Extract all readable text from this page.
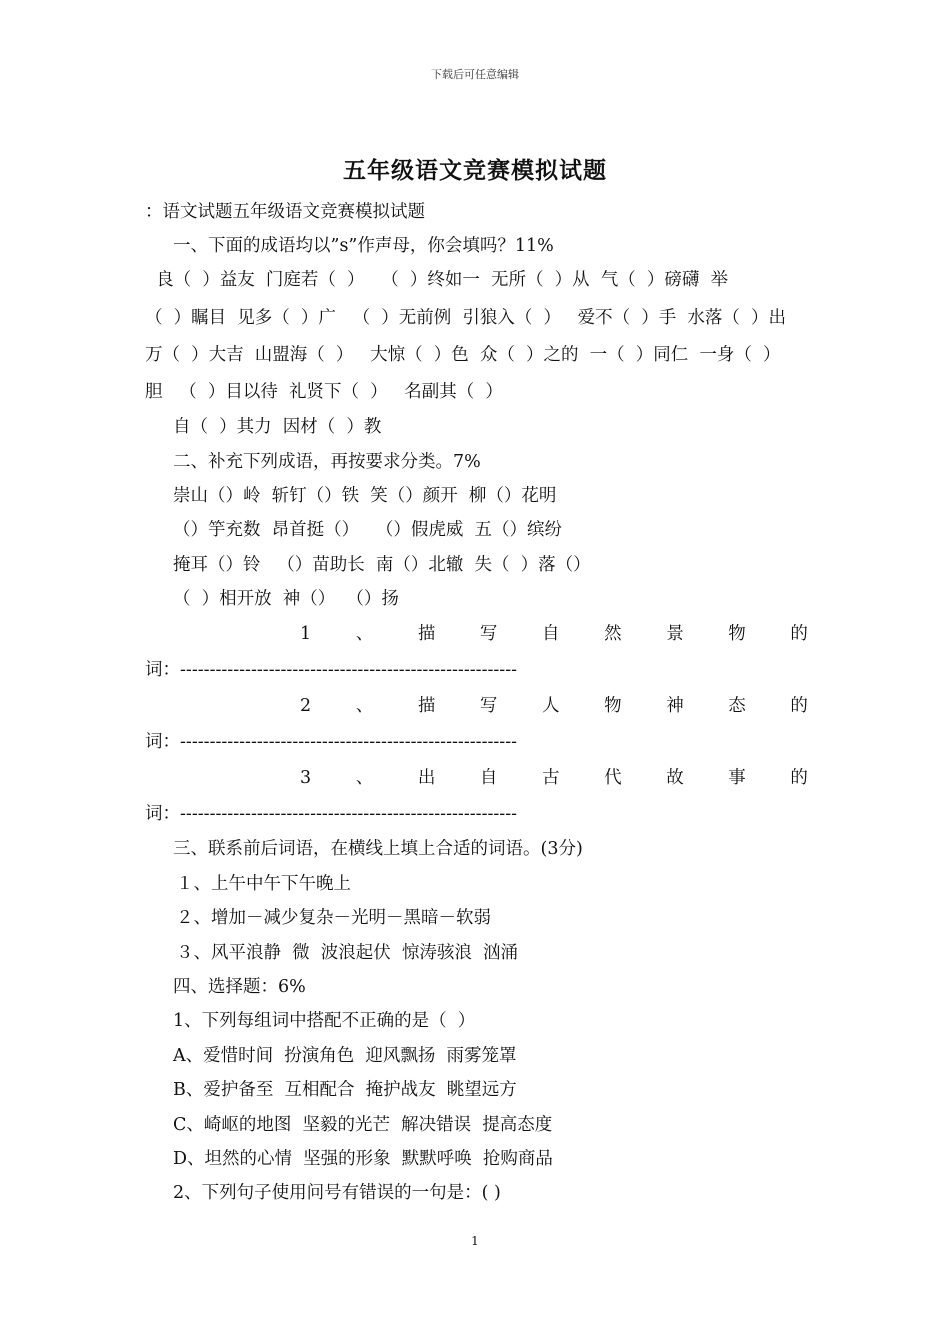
下载后可任意编辑
五年级语文竞赛模拟试题
：语文试题五年级语文竞赛模拟试题
一、下面的成语均以”s”作声母，你会填吗？11%
良（  ）益友  门庭若（  ）   （  ）终如一  无所（  ）从  气（  ）磅礴  举
（  ）瞩目  见多（  ）广   （  ）无前例  引狼入（  ）   爱不（  ）手  水落（  ）出
万（  ）大吉  山盟海（  ）   大惊（  ）色  众（  ）之的  一（  ）同仁  一身（  ）
胆   （  ）目以待  礼贤下（  ）   名副其（  ）
自（  ）其力  因材（  ）教
二、补充下列成语，再按要求分类。7%
崇山（）岭  斩钉（）铁  笑（）颜开  柳（）花明
（）竽充数  昂首挺（）   （）假虎威  五（）缤纷
掩耳（）铃   （）苗助长  南（）北辙  失（  ）落（）
（  ）相开放  神（）  （）扬
1	、	描	写	自	然	景	物	的
词：---------------------------------------------------------
2	、	描	写	人	物	神	态	的
词：---------------------------------------------------------
3	、	出	自	古	代	故	事	的
词：---------------------------------------------------------
三、联系前后词语，在横线上填上合适的词语。(3分)
１、上午中午下午晚上
２、增加－减少复杂－光明－黑暗－软弱
３、风平浪静  微  波浪起伏  惊涛骇浪  汹涌
四、选择题：6%
1、下列每组词中搭配不正确的是（  ）
A、爱惜时间  扮演角色  迎风飘扬  雨雾笼罩
B、爱护备至  互相配合  掩护战友  眺望远方
C、崎岖的地图  坚毅的光芒  解决错误  提高态度
D、坦然的心情  坚强的形象  默默呼唤  抢购商品
2、下列句子使用问号有错误的一句是：( )
1
